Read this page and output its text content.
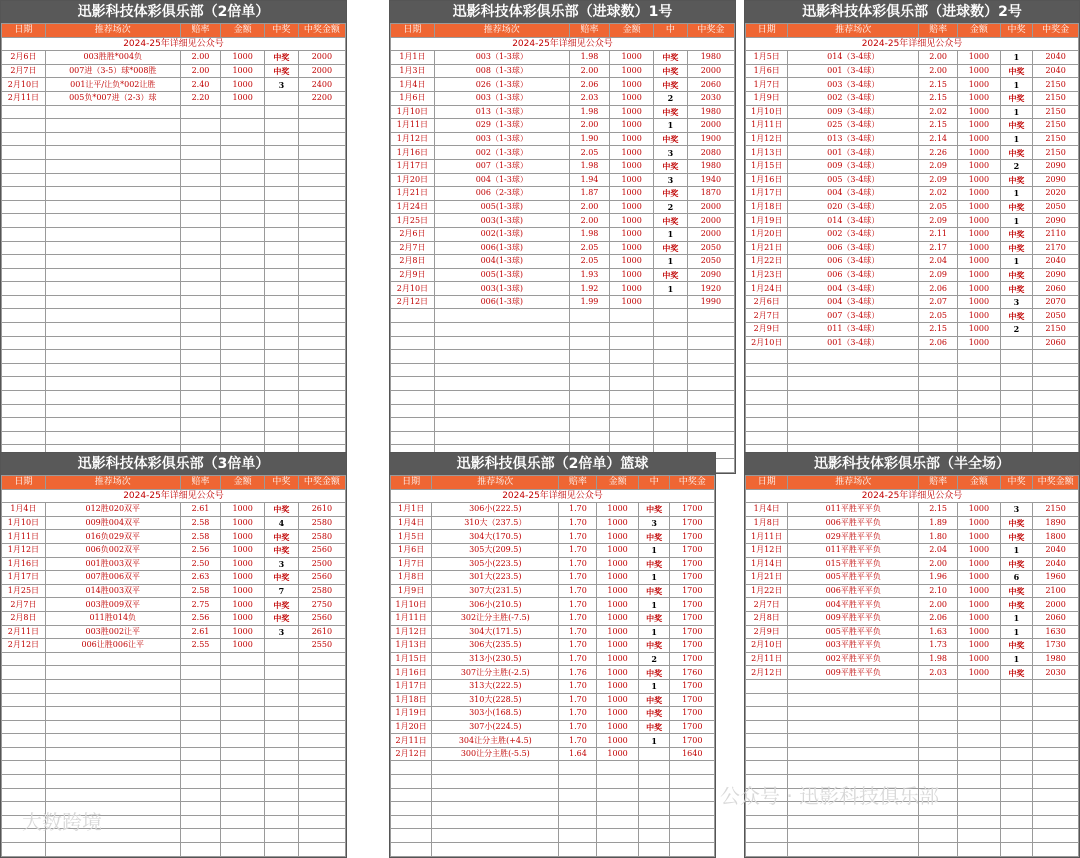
迅影科技体彩俱乐部（2倍单）
日期	推荐场次	赔率	金额	中奖	中奖金额
2024-25年详细见公众号					
2月6日	003胜胜*004负	2.00	1000	中奖	2000
2月7日	007进（3-5）球*008胜	2.00	1000	中奖	2000
2月10日	001让平/让负*002让胜	2.40	1000	3	2400
2月11日	005负*007进（2-3）球	2.20	1000		2200

迅影科技体彩俱乐部（进球数）1号
日期	推荐场次	赔率	金额	中	中奖金
2024-25年详细见公众号					
1月1日	003（1-3球）	1.98	1000	中奖	1980
1月3日	008（1-3球）	2.00	1000	中奖	2000
1月4日	026（1-3球）	2.06	1000	中奖	2060
1月6日	003（1-3球）	2.03	1000	2	2030
1月10日	013（1-3球）	1.98	1000	中奖	1980
1月11日	029（1-3球）	2.00	1000	1	2000
1月12日	003（1-3球）	1.90	1000	中奖	1900
1月16日	002（1-3球）	2.05	1000	3	2080
1月17日	007（1-3球）	1.98	1000	中奖	1980
1月20日	004（1-3球）	1.94	1000	3	1940
1月21日	006（2-3球）	1.87	1000	中奖	1870
1月24日	005(1-3球)	2.00	1000	2	2000
1月25日	003(1-3球)	2.00	1000	中奖	2000
2月6日	002(1-3球)	1.98	1000	1	2000
2月7日	006(1-3球)	2.05	1000	中奖	2050
2月8日	004(1-3球)	2.05	1000	1	2050
2月9日	005(1-3球)	1.93	1000	中奖	2090
2月10日	003(1-3球)	1.92	1000	1	1920
2月12日	006(1-3球)	1.99	1000		1990

迅影科技体彩俱乐部（进球数）2号
日期	推荐场次	赔率	金额	中奖	中奖金
2024-25年详细见公众号					
1月5日	014（3-4球）	2.00	1000	1	2040
1月6日	001（3-4球）	2.00	1000	中奖	2040
1月7日	003（3-4球）	2.15	1000	1	2150
1月9日	002（3-4球）	2.15	1000	中奖	2150
1月10日	009（3-4球）	2.02	1000	1	2150
1月11日	025（3-4球）	2.15	1000	中奖	2150
1月12日	013（3-4球）	2.14	1000	1	2150
1月13日	001（3-4球）	2.26	1000	中奖	2150
1月15日	009（3-4球）	2.09	1000	2	2090
1月16日	005（3-4球）	2.09	1000	中奖	2090
1月17日	004（3-4球）	2.02	1000	1	2020
1月18日	020（3-4球）	2.05	1000	中奖	2050
1月19日	014（3-4球）	2.09	1000	1	2090
1月20日	002（3-4球）	2.11	1000	中奖	2110
1月21日	006（3-4球）	2.17	1000	中奖	2170
1月22日	006（3-4球）	2.04	1000	1	2040
1月23日	006（3-4球）	2.09	1000	中奖	2090
1月24日	004（3-4球）	2.06	1000	中奖	2060
2月6日	004（3-4球）	2.07	1000	3	2070
2月7日	007（3-4球）	2.05	1000	中奖	2050
2月9日	011（3-4球）	2.15	1000	2	2150
2月10日	001（3-4球）	2.06	1000		2060

迅影科技体彩俱乐部（3倍单）
日期	推荐场次	赔率	金额	中奖	中奖金额
2024-25年详细见公众号					
1月4日	012胜020双平	2.61	1000	中奖	2610
1月10日	009胜004双平	2.58	1000	4	2580
1月11日	016负029双平	2.58	1000	中奖	2580
1月12日	006负002双平	2.56	1000	中奖	2560
1月16日	001胜003双平	2.50	1000	3	2500
1月17日	007胜006双平	2.63	1000	中奖	2560
1月25日	014胜003双平	2.58	1000	7	2580
2月7日	003胜009双平	2.75	1000	中奖	2750
2月8日	011胜014负	2.56	1000	中奖	2560
2月11日	003胜002让平	2.61	1000	3	2610
2月12日	006让胜006让平	2.55	1000		2550

迅影科技俱乐部（2倍单）篮球
日期	推荐场次	赔率	金额	中	中奖金
2024-25年详细见公众号					
1月1日	306小(222.5)	1.70	1000	中奖	1700
1月4日	310大（237.5）	1.70	1000	3	1700
1月5日	304大(170.5)	1.70	1000	中奖	1700
1月6日	305大(209.5)	1.70	1000	1	1700
1月7日	305小(223.5)	1.70	1000	中奖	1700
1月8日	301大(223.5)	1.70	1000	1	1700
1月9日	307大(231.5)	1.70	1000	中奖	1700
1月10日	306小(210.5)	1.70	1000	1	1700
1月11日	302让分主胜(-7.5)	1.70	1000	中奖	1700
1月12日	304大(171.5)	1.70	1000	1	1700
1月13日	306大(235.5)	1.70	1000	中奖	1700
1月15日	313小(230.5)	1.70	1000	2	1700
1月16日	307让分主胜(-2.5)	1.76	1000	中奖	1760
1月17日	313大(222.5)	1.70	1000	1	1700
1月18日	310大(228.5)	1.70	1000	中奖	1700
1月19日	303小(168.5)	1.70	1000	中奖	1700
1月20日	307小(224.5)	1.70	1000	中奖	1700
2月11日	304让分主胜(+4.5)	1.70	1000	1	1700
2月12日	300让分主胜(-5.5)	1.64	1000		1640

迅影科技体彩俱乐部（半全场）
日期	推荐场次	赔率	金额	中奖	中奖金额
2024-25年详细见公众号					
1月4日	011平胜平平负	2.15	1000	3	2150
1月8日	006平胜平平负	1.89	1000	中奖	1890
1月11日	029平胜平平负	1.80	1000	中奖	1800
1月12日	011平胜平平负	2.04	1000	1	2040
1月14日	015平胜平平负	2.00	1000	中奖	2040
1月21日	005平胜平平负	1.96	1000	6	1960
1月22日	006平胜平平负	2.10	1000	中奖	2100
2月7日	004平胜平平负	2.00	1000	中奖	2000
2月8日	009平胜平平负	2.06	1000	1	2060
2月9日	005平胜平平负	1.63	1000	1	1630
2月10日	003平胜平平负	1.73	1000	中奖	1730
2月11日	002平胜平平负	1.98	1000	1	1980
2月12日	009平胜平平负	2.03	1000	中奖	2030

大数跨境
公众号 · 迅影科技俱乐部
